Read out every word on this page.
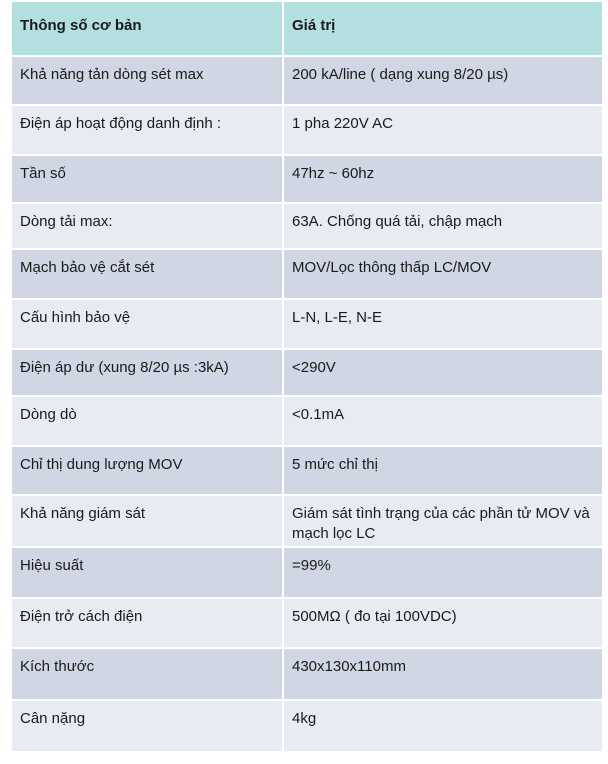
Thông số cơ bản	Giá trị
Khả năng tản dòng sét max	200 kA/line ( dạng xung 8/20 µs)
Điện áp hoạt động danh định :	1 pha 220V AC
Tần số	47hz ~ 60hz
Dòng tải max:	63A. Chống quá tải, chập mạch
Mạch bảo vệ cắt sét	MOV/Lọc thông thấp LC/MOV
Cấu hình bảo vệ	L-N, L-E, N-E
Điện áp dư (xung 8/20 µs :3kA)	<290V
Dòng dò	<0.1mA
Chỉ thị dung lượng MOV	5 mức chỉ thị
Khả năng giám sát	Giám sát tình trạng của các phần tử MOV và mạch lọc LC
Hiệu suất	=99%
Điện trở cách điện	500MΩ ( đo tại 100VDC)
Kích thước	430x130x110mm
Cân nặng	4kg
